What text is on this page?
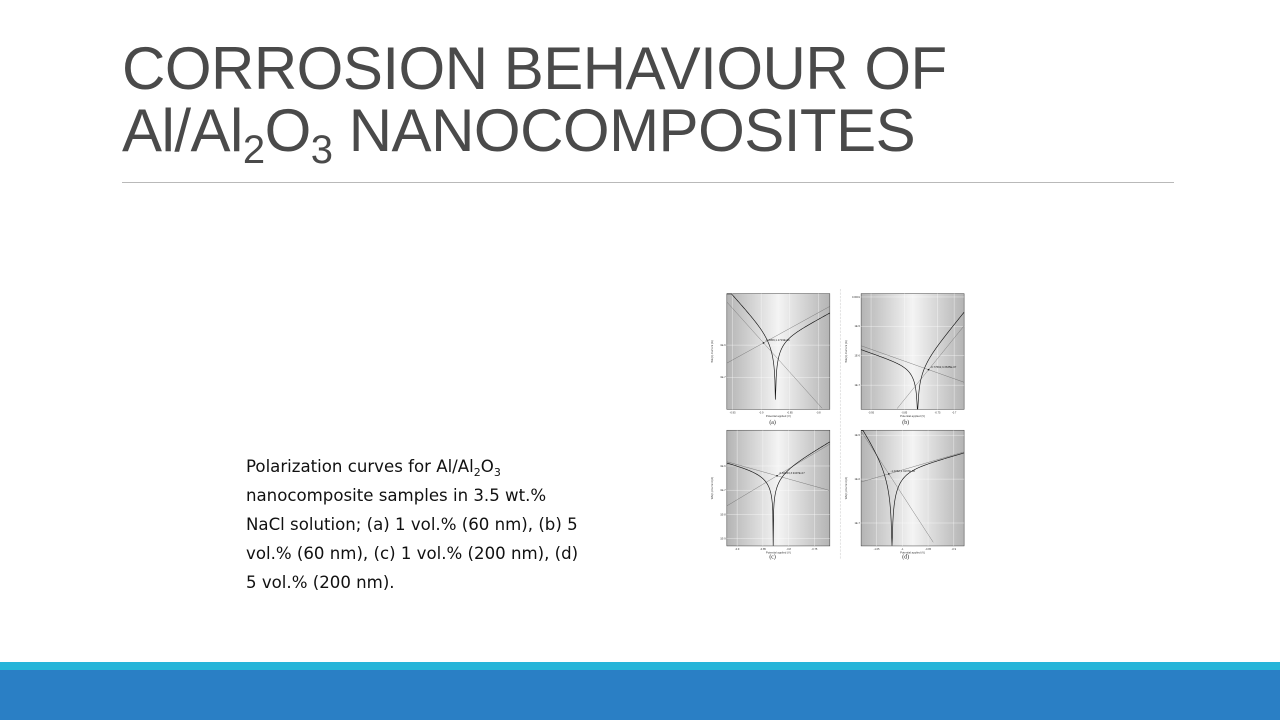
CORROSION BEHAVIOUR OF
$Al/Al_2O_3$ NANOCOMPOSITES
Polarization curves for $Al/Al_2O_3$ nanocomposite samples in 3.5 wt.% NaCl solution; (a) 1 vol.% (60 nm), (b) 5 vol.% (60 nm), (c) 1 vol.% (200 nm), (d) 5 vol.% (200 nm).
-0.95	-0.9	-0.85	-0.8
1E-6
1E-7
Potential applied (V)
WE(1).Current (A)
-0.8959,1.1719E-06
(a)
-0.95	-0.85	-0.75	-0.7
0.0001
1E-5
1E-6
1E-7
Potential applied (V)
WE(1).Current (A)
-0.77692,3.3635E-07
(b)
-0.9	-0.85	-0.8	-0.75
1E-6
1E-7
1E-8
1E-9
Potential applied (V)
WE(1).Current (A)
-0.82253,3.9497E-07
(c)
-1.05	-1	-0.95	-0.9
1E-5
1E-6
1E-7
Potential applied (V)
WE(1).Current (A)
-1.0262,1.3137E-06
(d)
